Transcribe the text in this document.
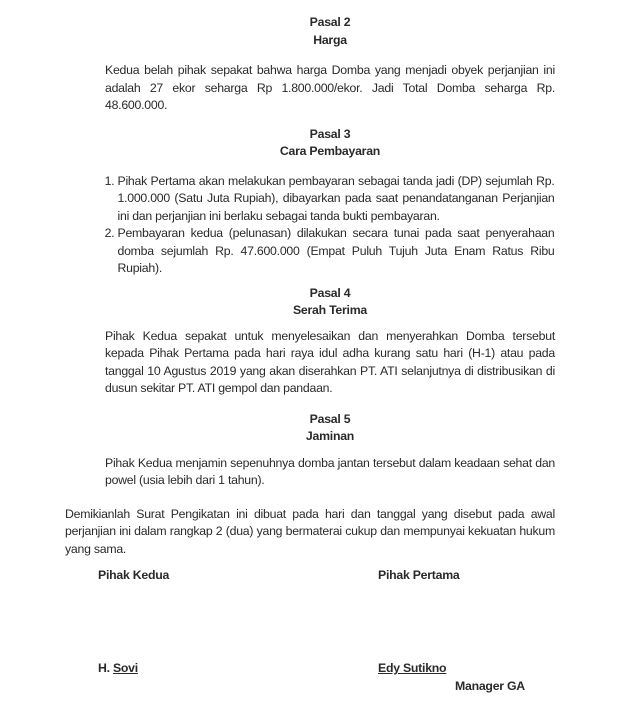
Pasal 2
Harga

Kedua belah pihak sepakat bahwa harga Domba yang menjadi obyek perjanjian ini adalah 27 ekor seharga Rp 1.800.000/ekor. Jadi Total Domba seharga Rp. 48.600.000.

Pasal 3
Cara Pembayaran
1. Pihak Pertama akan melakukan pembayaran sebagai tanda jadi (DP) sejumlah Rp. 1.000.000 (Satu Juta Rupiah), dibayarkan pada saat penandatanganan Perjanjian ini dan perjanjian ini berlaku sebagai tanda bukti pembayaran.
2. Pembayaran kedua (pelunasan) dilakukan secara tunai pada saat penyerahaan domba sejumlah Rp. 47.600.000 (Empat Puluh Tujuh Juta Enam Ratus Ribu Rupiah).
Pasal 4
Serah Terima

Pihak Kedua sepakat untuk menyelesaikan dan menyerahkan Domba tersebut kepada Pihak Pertama pada hari raya idul adha kurang satu hari (H-1) atau pada tanggal 10 Agustus 2019 yang akan diserahkan PT. ATI selanjutnya di distribusikan di dusun sekitar PT. ATI gempol dan pandaan.

Pasal 5
Jaminan

Pihak Kedua menjamin sepenuhnya domba jantan tersebut dalam keadaan sehat dan powel (usia lebih dari 1 tahun).

Demikianlah Surat Pengikatan ini dibuat pada hari dan tanggal yang disebut pada awal perjanjian ini dalam rangkap 2 (dua) yang bermaterai cukup dan mempunyai kekuatan hukum yang sama.

Pihak Kedua	Pihak Pertama
H. Sovi	Edy Sutikno
Manager GA
